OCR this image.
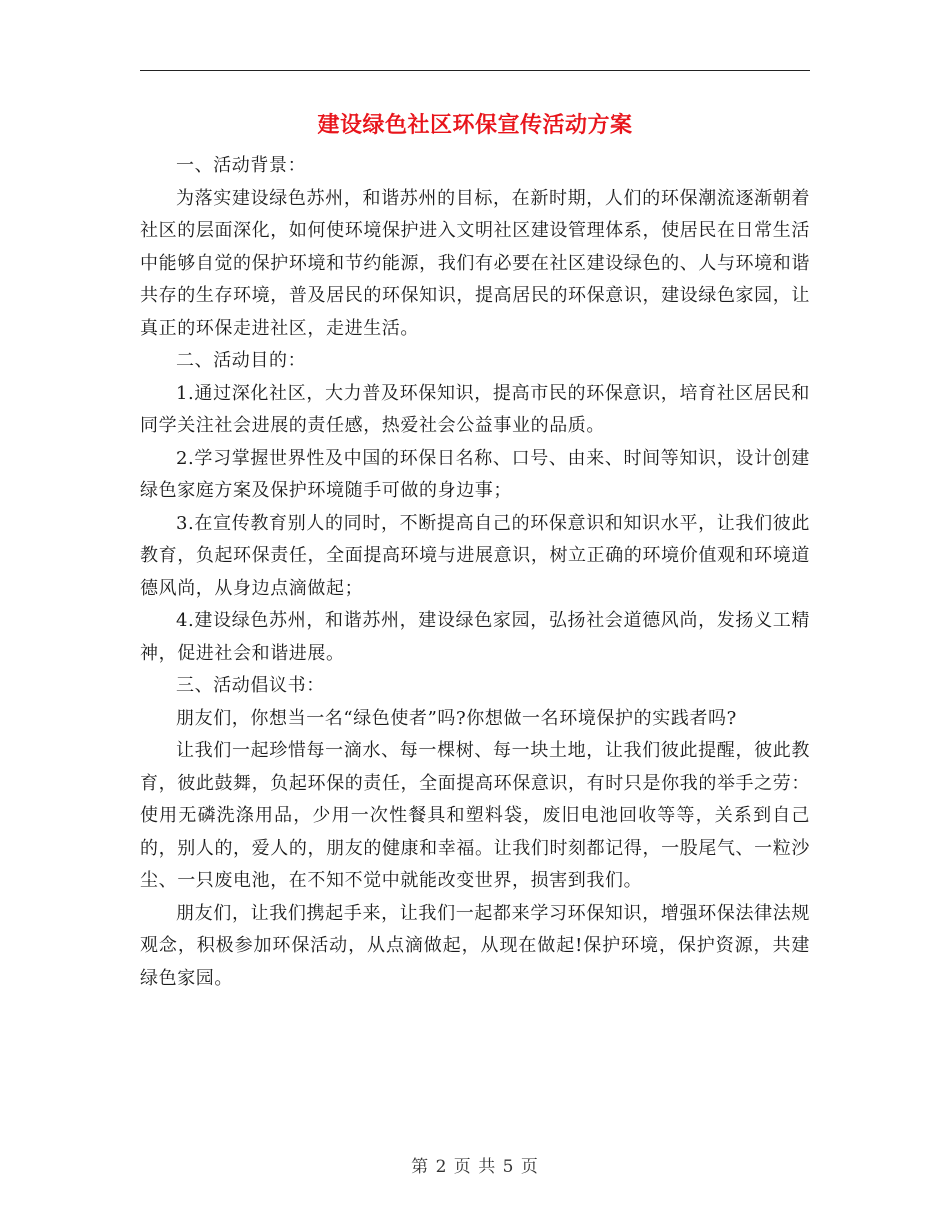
建设绿色社区环保宣传活动方案

一、活动背景：

为落实建设绿色苏州，和谐苏州的目标，在新时期，人们的环保潮流逐渐朝着社区的层面深化，如何使环境保护进入文明社区建设管理体系，使居民在日常生活中能够自觉的保护环境和节约能源，我们有必要在社区建设绿色的、人与环境和谐共存的生存环境，普及居民的环保知识，提高居民的环保意识，建设绿色家园，让真正的环保走进社区，走进生活。

二、活动目的：

1.通过深化社区，大力普及环保知识，提高市民的环保意识，培育社区居民和同学关注社会进展的责任感，热爱社会公益事业的品质。

2.学习掌握世界性及中国的环保日名称、口号、由来、时间等知识，设计创建绿色家庭方案及保护环境随手可做的身边事；

3.在宣传教育别人的同时，不断提高自己的环保意识和知识水平，让我们彼此教育，负起环保责任，全面提高环境与进展意识，树立正确的环境价值观和环境道德风尚，从身边点滴做起；

4.建设绿色苏州，和谐苏州，建设绿色家园，弘扬社会道德风尚，发扬义工精神，促进社会和谐进展。

三、活动倡议书：

朋友们，你想当一名“绿色使者”吗?你想做一名环境保护的实践者吗?

让我们一起珍惜每一滴水、每一棵树、每一块土地，让我们彼此提醒，彼此教育，彼此鼓舞，负起环保的责任，全面提高环保意识，有时只是你我的举手之劳：使用无磷洗涤用品，少用一次性餐具和塑料袋，废旧电池回收等等，关系到自己的，别人的，爱人的，朋友的健康和幸福。让我们时刻都记得，一股尾气、一粒沙尘、一只废电池，在不知不觉中就能改变世界，损害到我们。

朋友们，让我们携起手来，让我们一起都来学习环保知识，增强环保法律法规观念，积极参加环保活动，从点滴做起，从现在做起!保护环境，保护资源，共建绿色家园。

第 2 页 共 5 页
